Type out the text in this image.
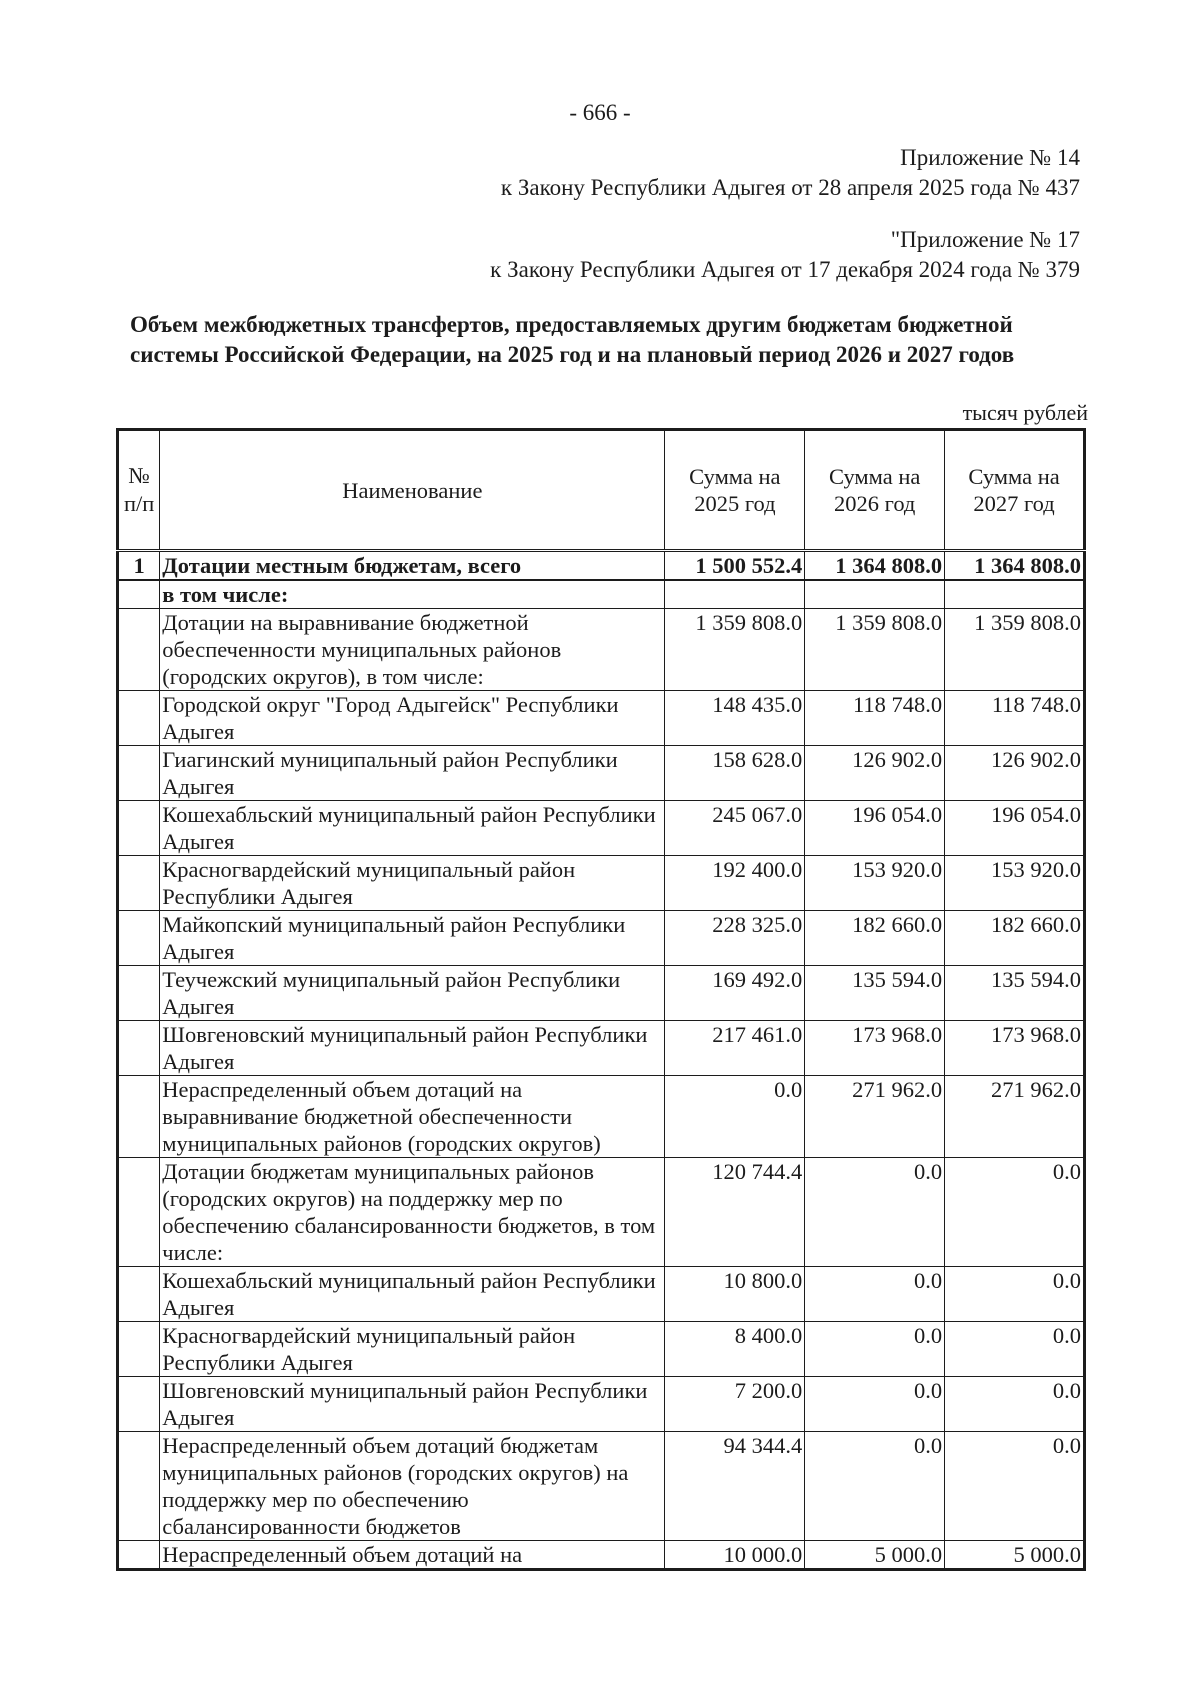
- 666 -
Приложение № 14
к Закону Республики Адыгея от 28 апреля 2025 года № 437
"Приложение № 17
к Закону Республики Адыгея от 17 декабря 2024 года № 379
Объем межбюджетных трансфертов, предоставляемых другим бюджетам бюджетной
системы Российской Федерации, на 2025 год и на плановый период 2026 и 2027 годов
тысяч рублей
№ п/п	Наименование	Сумма на 2025 год	Сумма на 2026 год	Сумма на 2027 год
1	Дотации местным бюджетам, всего	1 500 552.4	1 364 808.0	1 364 808.0
	в том числе:			
	Дотации на выравнивание бюджетной обеспеченности муниципальных районов (городских округов), в том числе:	1 359 808.0	1 359 808.0	1 359 808.0
	Городской округ "Город Адыгейск" Республики Адыгея	148 435.0	118 748.0	118 748.0
	Гиагинский муниципальный район Республики Адыгея	158 628.0	126 902.0	126 902.0
	Кошехабльский муниципальный район Республики Адыгея	245 067.0	196 054.0	196 054.0
	Красногвардейский муниципальный район Республики Адыгея	192 400.0	153 920.0	153 920.0
	Майкопский муниципальный район Республики Адыгея	228 325.0	182 660.0	182 660.0
	Теучежский муниципальный район Республики Адыгея	169 492.0	135 594.0	135 594.0
	Шовгеновский муниципальный район Республики Адыгея	217 461.0	173 968.0	173 968.0
	Нераспределенный объем дотаций на выравнивание бюджетной обеспеченности муниципальных районов (городских округов)	0.0	271 962.0	271 962.0
	Дотации бюджетам муниципальных районов (городских округов) на поддержку мер по обеспечению сбалансированности бюджетов, в том числе:	120 744.4	0.0	0.0
	Кошехабльский муниципальный район Республики Адыгея	10 800.0	0.0	0.0
	Красногвардейский муниципальный район Республики Адыгея	8 400.0	0.0	0.0
	Шовгеновский муниципальный район Республики Адыгея	7 200.0	0.0	0.0
	Нераспределенный объем дотаций бюджетам муниципальных районов (городских округов) на поддержку мер по обеспечению сбалансированности бюджетов	94 344.4	0.0	0.0
	Нераспределенный объем дотаций на	10 000.0	5 000.0	5 000.0
